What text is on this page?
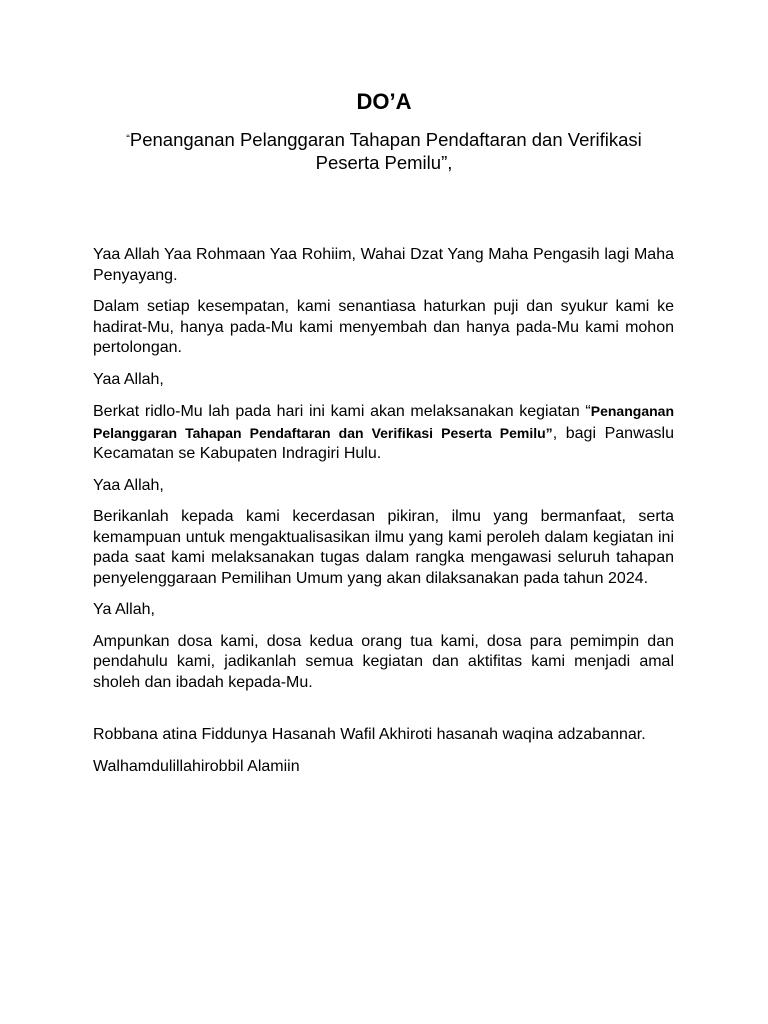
DO’A
“Penanganan Pelanggaran Tahapan Pendaftaran dan Verifikasi Peserta Pemilu”,

Yaa Allah Yaa Rohmaan Yaa Rohiim, Wahai Dzat Yang Maha Pengasih lagi Maha Penyayang.

Dalam setiap kesempatan, kami senantiasa haturkan puji dan syukur kami ke hadirat-Mu, hanya pada-Mu kami menyembah dan hanya pada-Mu kami mohon pertolongan.

Yaa Allah,

Berkat ridlo-Mu lah pada hari ini kami akan melaksanakan kegiatan “Penanganan Pelanggaran Tahapan Pendaftaran dan Verifikasi Peserta Pemilu”, bagi Panwaslu Kecamatan se Kabupaten Indragiri Hulu.

Yaa Allah,

Berikanlah kepada kami kecerdasan pikiran, ilmu yang bermanfaat, serta kemampuan untuk mengaktualisasikan ilmu yang kami peroleh dalam kegiatan ini pada saat kami melaksanakan tugas dalam rangka mengawasi seluruh tahapan penyelenggaraan Pemilihan Umum yang akan dilaksanakan pada tahun 2024.

Ya Allah,

Ampunkan dosa kami, dosa kedua orang tua kami, dosa para pemimpin dan pendahulu kami, jadikanlah semua kegiatan dan aktifitas kami menjadi amal sholeh dan ibadah kepada-Mu.

Robbana atina Fiddunya Hasanah Wafil Akhiroti hasanah waqina adzabannar.

Walhamdulillahirobbil Alamiin
